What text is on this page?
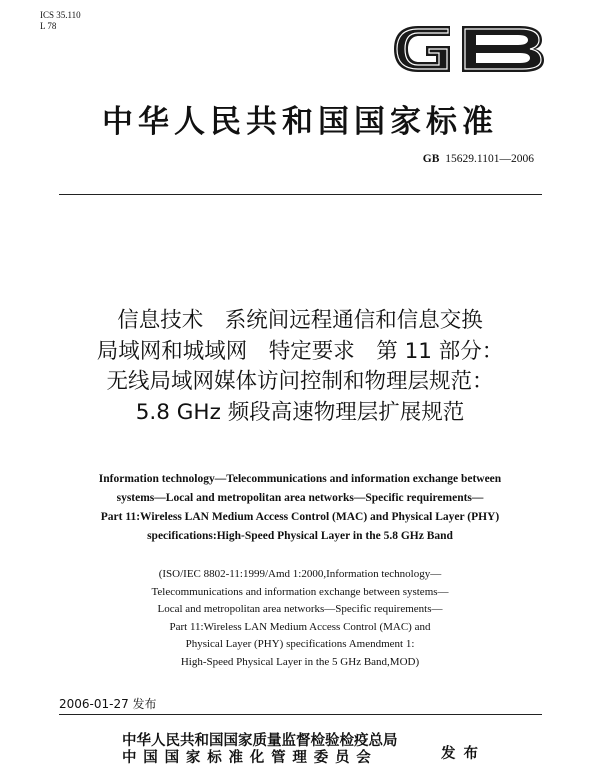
ICS 35.110
L 78
中华人民共和国国家标准
GB 15629.1101—2006
信息技术　系统间远程通信和信息交换
局域网和城域网　特定要求　第 11 部分：
无线局域网媒体访问控制和物理层规范：
5.8 GHz 频段高速物理层扩展规范
Information technology—Telecommunications and information exchange between
systems—Local and metropolitan area networks—Specific requirements—
Part 11:Wireless LAN Medium Access Control (MAC) and Physical Layer (PHY)
specifications:High-Speed Physical Layer in the 5.8 GHz Band
(ISO/IEC 8802-11:1999/Amd 1:2000,Information technology—
Telecommunications and information exchange between systems—
Local and metropolitan area networks—Specific requirements—
Part 11:Wireless LAN Medium Access Control (MAC) and
Physical Layer (PHY) specifications Amendment 1:
High-Speed Physical Layer in the 5 GHz Band,MOD)
2006-01-27 发布
中华人民共和国国家质量监督检验检疫总局
中国国家标准化管理委员会	发布
